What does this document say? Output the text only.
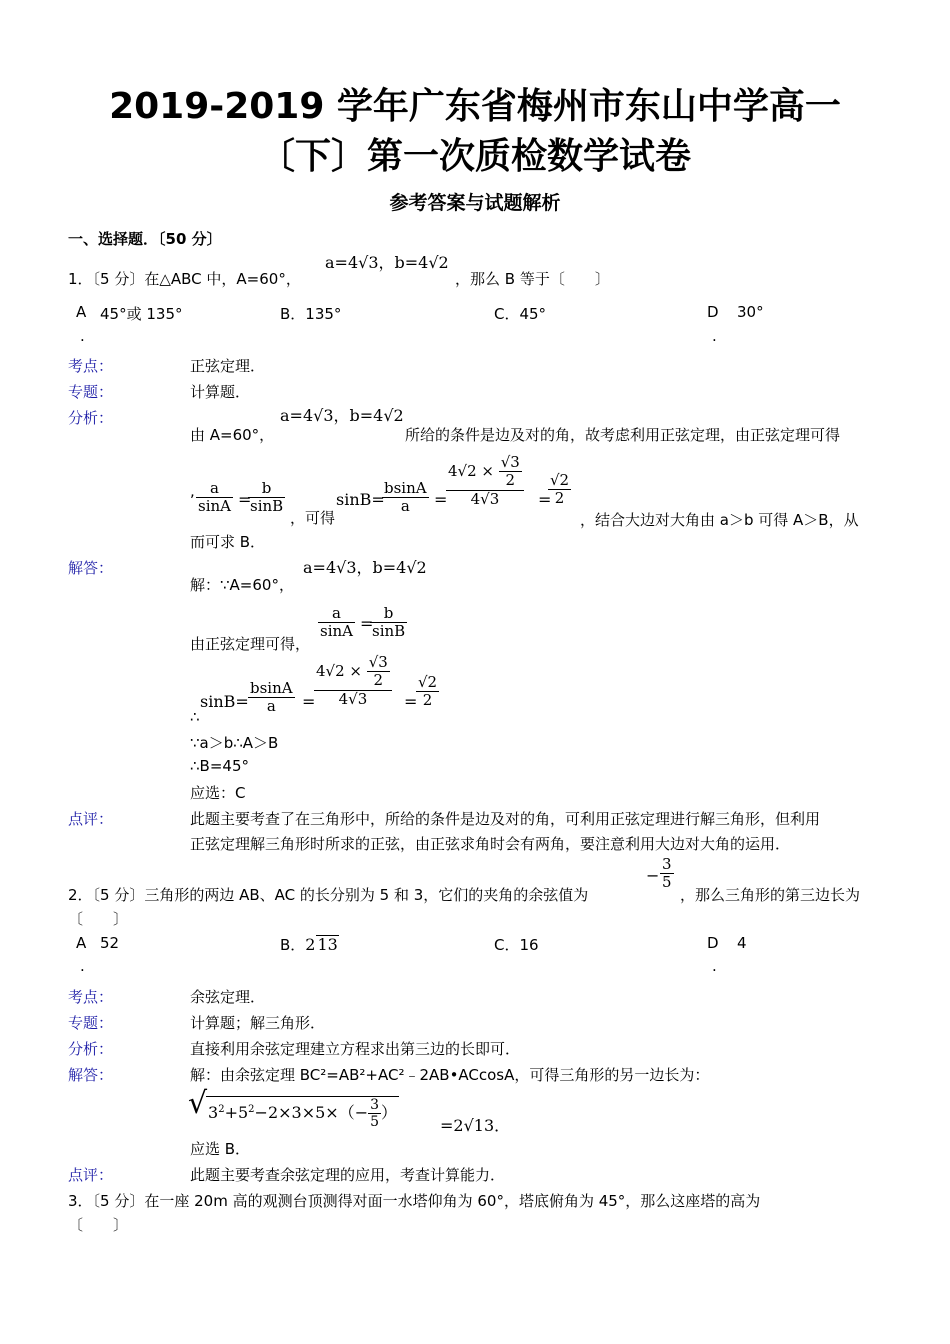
2019-2019 学年广东省梅州市东山中学高一
〔下〕第一次质检数学试卷
参考答案与试题解析
一、选择题．〔50 分〕
1．〔5 分〕在△ABC 中，A=60°，
a=4√3，b=4√2
，那么 B 等于〔　　〕
A
.
45°或 135°	B．135°	C．45°	D
.
30°
考点：	正弦定理．
专题：	计算题．
分析：	a=4√3，b=4√2
由 A=60°，	所给的条件是边及对的角，故考虑利用正弦定理，由正弦定理可得
, $\frac{a}{\sin A}$ =
$\frac{b}{\sin B}$
，可得
sinB=
$\frac{bsinA}{a}$ =
$\frac{4√2 \times \frac{√3}{2}}{4√3}$ =
$\frac{√2}{2}$
，结合大边对大角由 a＞b 可得 A＞B，从
而可求 B．
解答：	a=4√3，b=4√2
解：∵A=60°，
$\frac{a}{\sin A}$ =
$\frac{b}{\sin B}$
由正弦定理可得，
∴
$\sin B= \frac{bsinA}{a}$ =
$\frac{4√2 \times \frac{√3}{2}}{4√3}$ =
$\frac{√2}{2}$
∵a＞b∴A＞B
∴B=45°
应选：C
点评：	此题主要考查了在三角形中，所给的条件是边及对的角，可利用正弦定理进行解三角形，但利用
正弦定理解三角形时所求的正弦，由正弦求角时会有两角，要注意利用大边对大角的运用．
2．〔5 分〕三角形的两边 AB、AC 的长分别为 5 和 3，它们的夹角的余弦值为
− $\frac{3}{5}$
，那么三角形的第三边长为
〔　　〕
A
.
52	B．2 13	C．16	D
.
4
考点：	余弦定理．
专题：	计算题；解三角形．
分析：	直接利用余弦定理建立方程求出第三边的长即可．
解答：	解：由余弦定理 BC²=AB²+AC²﹣2AB•ACcosA，可得三角形的另一边长为：
√ $3^2+5^2-2\times 3\times 5\times(- \frac{3}{5}$ ）
=2√13．
应选 B．
点评：	此题主要考查余弦定理的应用，考查计算能力．
3．〔5 分〕在一座 20m 高的观测台顶测得对面一水塔仰角为 60°，塔底俯角为 45°，那么这座塔的高为
〔　　〕
